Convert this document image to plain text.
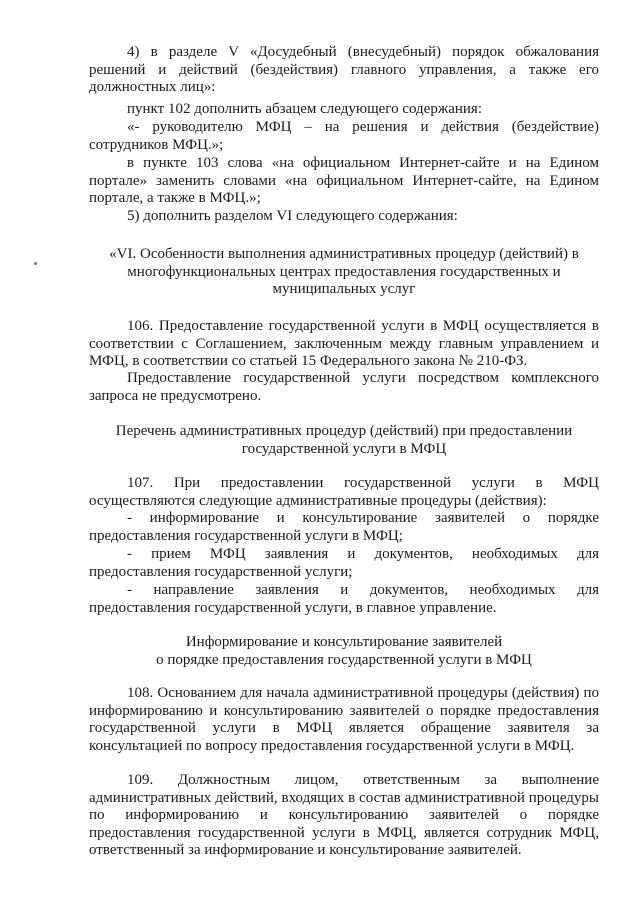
4) в разделе V «Досудебный (внесудебный) порядок обжалования
решений и действий (бездействия) главного управления, а также его должностных лиц»:
пункт 102 дополнить абзацем следующего содержания:
«- руководителю МФЦ – на решения и действия (бездействие) сотрудников МФЦ.»;
в пункте 103 слова «на официальном Интернет-сайте и на Едином портале» заменить словами «на официальном Интернет-сайте, на Едином портале, а также в МФЦ.»;
5) дополнить разделом VI следующего содержания:
«VI. Особенности выполнения административных процедур (действий) в
многофункциональных центрах предоставления государственных и
муниципальных услуг
106. Предоставление государственной услуги в МФЦ осуществляется в соответствии с Соглашением, заключенным между главным управлением и МФЦ, в соответствии со статьей 15 Федерального закона № 210-ФЗ.
Предоставление государственной услуги посредством комплексного запроса не предусмотрено.
Перечень административных процедур (действий) при предоставлении
государственной услуги в МФЦ
107. При предоставлении государственной услуги в МФЦ осуществляются следующие административные процедуры (действия):
- информирование и консультирование заявителей о порядке
предоставления государственной услуги в МФЦ;
- прием МФЦ заявления и документов, необходимых для
предоставления государственной услуги;
- направление заявления и документов, необходимых для
предоставления государственной услуги, в главное управление.
Информирование и консультирование заявителей
о порядке предоставления государственной услуги в МФЦ
108. Основанием для начала административной процедуры (действия) по информированию и консультированию заявителей о порядке предоставления государственной услуги в МФЦ является обращение заявителя за консультацией по вопросу предоставления государственной услуги в МФЦ.
109. Должностным лицом, ответственным за выполнение административных действий, входящих в состав административной процедуры по информированию и консультированию заявителей о порядке предоставления государственной услуги в МФЦ, является сотрудник МФЦ, ответственный за информирование и консультирование заявителей.
